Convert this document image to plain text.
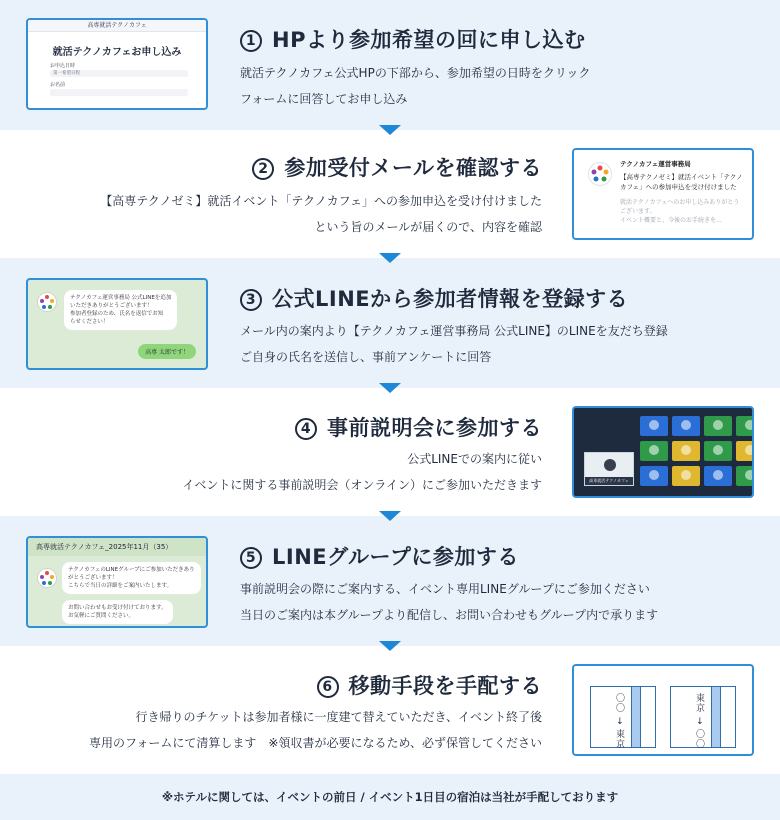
高専就活テクノカフェ
就活テクノカフェお申し込み
お申込日時
第一希望日程
お名前
1 HPより参加希望の回に申し込む
就活テクノカフェ公式HPの下部から、参加希望の日時をクリック
フォームに回答してお申し込み
2 参加受付メールを確認する
【高専テクノゼミ】就活イベント「テクノカフェ」への参加申込を受け付けました
という旨のメールが届くので、内容を確認
テクノカフェ運営事務局
【高専テクノゼミ】就活イベント「テクノ
カフェ」への参加申込を受け付けました
就活テクノカフェへのお申し込みありがとう
ございます。
イベント概要と、今後のお手続きを...
テクノカフェ運営事務局 公式LINEを追加
いただきありがとうございます！
参加者登録のため、氏名を返信でお知
らせください！
高専 太郎です！
3 公式LINEから参加者情報を登録する
メール内の案内より【テクノカフェ運営事務局 公式LINE】のLINEを友だち登録
ご自身の氏名を送信し、事前アンケートに回答
4 事前説明会に参加する
公式LINEでの案内に従い
イベントに関する事前説明会（オンライン）にご参加いただきます	高専就活テクノカフェ
高専就活テクノカフェ_2025年11月（35）
テクノカフェのLINEグループにご参加いただきあり
がとうございます！
こちらで当日の詳細をご案内いたします。
お問い合わせもお受け付けております。
お気軽にご質問ください。
5 LINEグループに参加する
事前説明会の際にご案内する、イベント専用LINEグループにご参加ください
当日のご案内は本グループより配信し、お問い合わせもグループ内で承ります
6 移動手段を手配する
行き帰りのチケットは参加者様に一度建て替えていただき、イベント終了後
専用のフォームにて清算します　※領収書が必要になるため、必ず保管してください	〇〇 → 東京	東京 → 〇〇
※ホテルに関しては、イベントの前日 / イベント1日目の宿泊は当社が手配しております
